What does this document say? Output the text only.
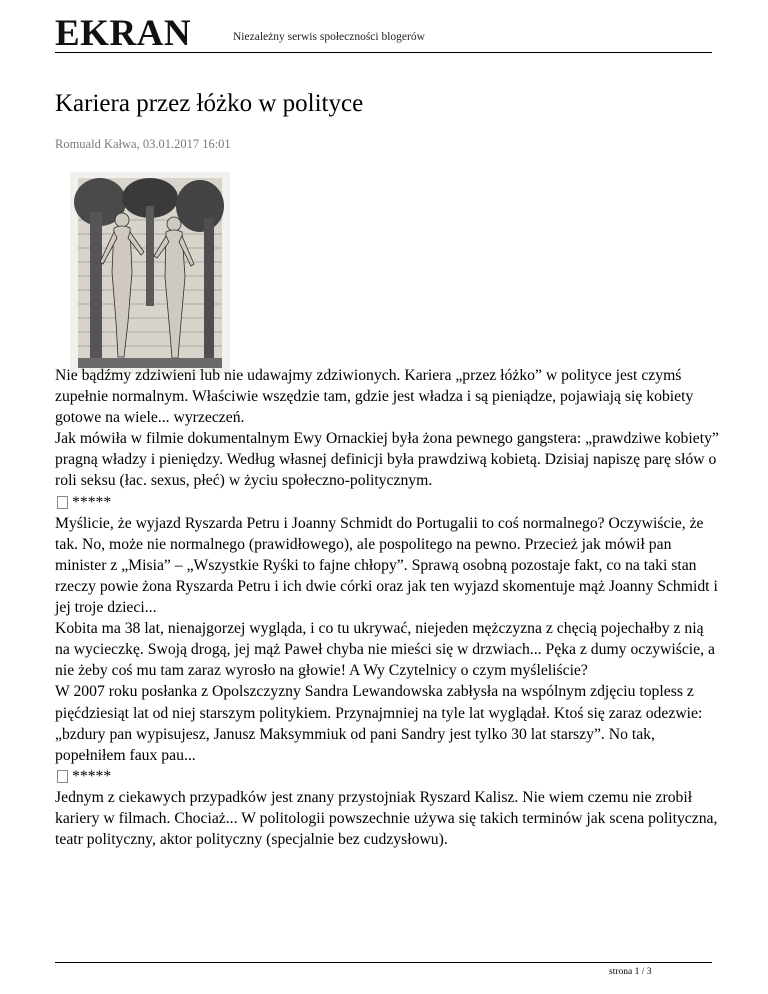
EKRAN	Niezależny serwis społeczności blogerów
Kariera przez łóżko w polityce
Romuald Kałwa, 03.01.2017 16:01

Nie bądźmy zdziwieni lub nie udawajmy zdziwionych. Kariera „przez łóżko” w polityce jest czymś zupełnie normalnym. Właściwie wszędzie tam, gdzie jest władza i są pieniądze, pojawiają się kobiety gotowe na wiele... wyrzeczeń.

Jak mówiła w filmie dokumentalnym Ewy Ornackiej była żona pewnego gangstera: „prawdziwe kobiety” pragną władzy i pieniędzy. Według własnej definicji była prawdziwą kobietą. Dzisiaj napiszę parę słów o roli seksu (łac. sexus, płeć) w życiu społeczno-politycznym.

*****

Myślicie, że wyjazd Ryszarda Petru i Joanny Schmidt do Portugalii to coś normalnego? Oczywiście, że tak. No, może nie normalnego (prawidłowego), ale pospolitego na pewno. Przecież jak mówił pan minister z „Misia” – „Wszystkie Ryśki to fajne chłopy”. Sprawą osobną pozostaje fakt, co na taki stan rzeczy powie żona Ryszarda Petru i ich dwie córki oraz jak ten wyjazd skomentuje mąż Joanny Schmidt i jej troje dzieci...

Kobita ma 38 lat, nienajgorzej wygląda, i co tu ukrywać, niejeden mężczyzna z chęcią pojechałby z nią na wycieczkę. Swoją drogą, jej mąż Paweł chyba nie mieści się w drzwiach... Pęka z dumy oczywiście, a nie żeby coś mu tam zaraz wyrosło na głowie! A Wy Czytelnicy o czym myśleliście?

W 2007 roku posłanka z Opolszczyzny Sandra Lewandowska zabłysła na wspólnym zdjęciu topless z pięćdziesiąt lat od niej starszym politykiem. Przynajmniej na tyle lat wyglądał. Ktoś się zaraz odezwie: „bzdury pan wypisujesz, Janusz Maksymmiuk od pani Sandry jest tylko 30 lat starszy”. No tak, popełniłem faux pau...

*****

Jednym z ciekawych przypadków jest znany przystojniak Ryszard Kalisz. Nie wiem czemu nie zrobił kariery w filmach. Chociaż... W politologii powszechnie używa się takich terminów jak scena polityczna, teatr polityczny, aktor polityczny (specjalnie bez cudzysłowu).

strona 1 / 3
